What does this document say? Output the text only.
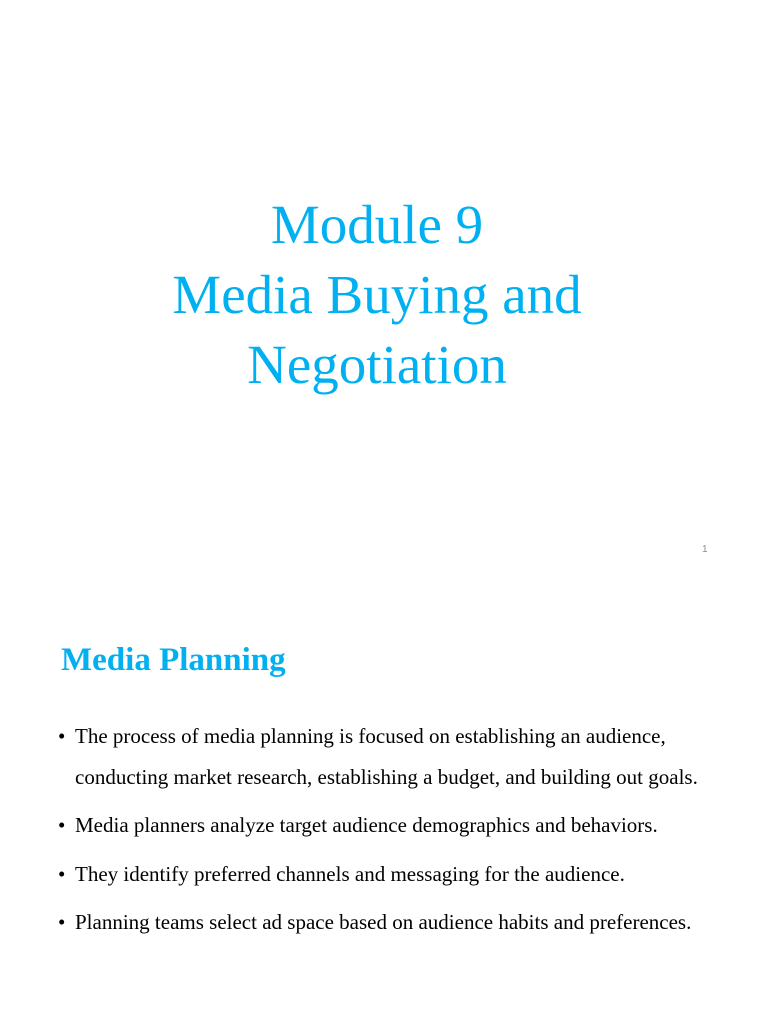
Module 9
Media Buying and
Negotiation
1
Media Planning
• The process of media planning is focused on establishing an audience, conducting market research, establishing a budget, and building out goals.
• Media planners analyze target audience demographics and behaviors.
• They identify preferred channels and messaging for the audience.
• Planning teams select ad space based on audience habits and preferences.
